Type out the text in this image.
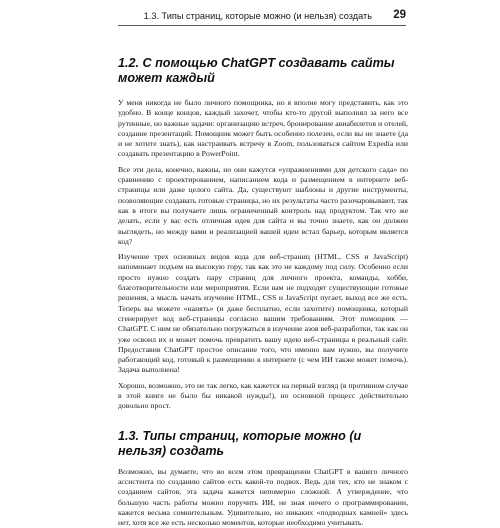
1.3. Типы страниц, которые можно (и нельзя) создать 29
1.2. С помощью ChatGPT создавать сайты
может каждый

У меня никогда не было личного помощника, но я вполне могу представить, как это удобно. В конце концов, каждый захочет, чтобы кто-то другой выполнял за него все рутинные, но важные задачи: организацию встреч, бронирование авиабилетов и отелей, создание презентаций. Помощник может быть особенно полезен, если вы не знаете (да и не хотите знать), как настраивать встречу в Zoom, пользоваться сайтом Expedia или создавать презентацию в PowerPoint.

Все эти дела, конечно, важны, но они кажутся «упражнениями для детского сада» по сравнению с проектированием, написанием кода и размещением в интернете веб-страницы или даже целого сайта. Да, существуют шаблоны и другие инструменты, позволяющие создавать готовые страницы, но их результаты часто разочаровывают, так как в итоге вы получаете лишь ограниченный контроль над продуктом. Так что же делать, если у вас есть отличная идея для сайта и вы точно знаете, как он должен выглядеть, но между вами и реализацией вашей идеи встал барьер, которым является код?

Изучение трех основных видов кода для веб-страниц (HTML, CSS и JavaScript) напоминает подъем на высокую гору, так как это не каждому под силу. Особенно если просто нужно создать пару страниц для личного проекта, команды, хобби, благотворительности или мероприятия. Если вам не подходят существующие готовые решения, а мысль начать изучение HTML, CSS и JavaScript пугает, выход все же есть. Теперь вы можете «нанять» (и даже бесплатно, если захотите) помощника, который сгенерирует код веб-страницы согласно вашим требованиям. Этот помощник — ChatGPT. С ним не обязательно погружаться в изучение азов веб-разработки, так как он уже освоил их и может помочь превратить вашу идею веб-страницы в реальный сайт. Предоставив ChatGPT простое описание того, что именно вам нужно, вы получите работающий код, готовый к размещению в интернете (с чем ИИ также может помочь). Задача выполнена!

Хорошо, возможно, это не так легко, как кажется на первый взгляд (в противном случае в этой книге не было бы никакой нужды!), но основной процесс действительно довольно прост.

1.3. Типы страниц, которые можно (и нельзя) создать

Возможно, вы думаете, что во всем этом превращении ChatGPT в вашего личного ассистента по созданию сайтов есть какой-то подвох. Ведь для тех, кто не знаком с созданием сайтов, эта задача кажется непомерно сложной. А утверждение, что большую часть работы можно поручить ИИ, не зная ничего о программировании, кажется весьма сомнительным. Удивительно, но никаких «подводных камней» здесь нет, хотя все же есть несколько моментов, которые необходимо учитывать.
